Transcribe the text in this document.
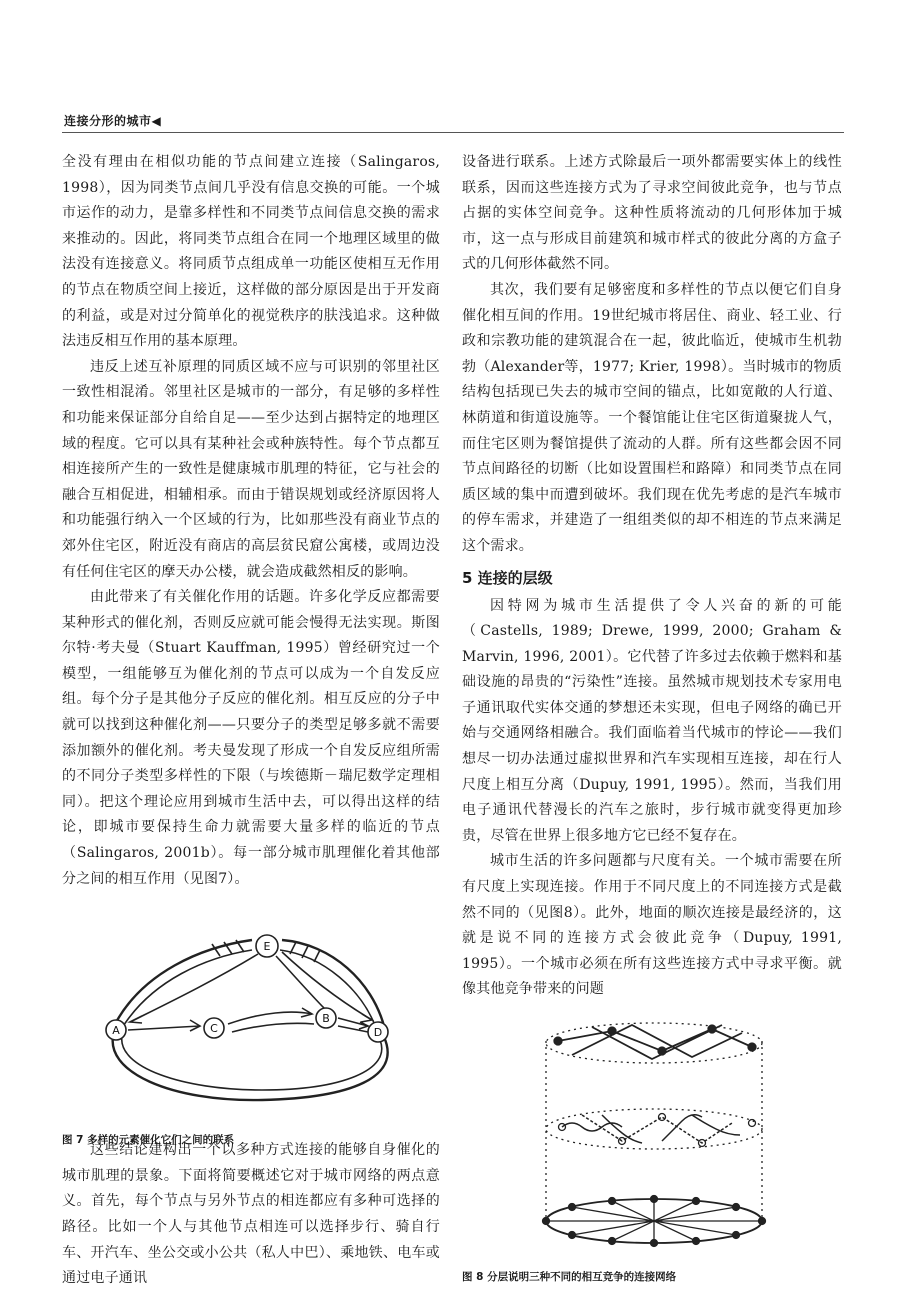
连接分形的城市◀

全没有理由在相似功能的节点间建立连接（Salingaros, 1998），因为同类节点间几乎没有信息交换的可能。一个城市运作的动力，是靠多样性和不同类节点间信息交换的需求来推动的。因此，将同类节点组合在同一个地理区域里的做法没有连接意义。将同质节点组成单一功能区使相互无作用的节点在物质空间上接近，这样做的部分原因是出于开发商的利益，或是对过分简单化的视觉秩序的肤浅追求。这种做法违反相互作用的基本原理。

违反上述互补原理的同质区域不应与可识别的邻里社区一致性相混淆。邻里社区是城市的一部分，有足够的多样性和功能来保证部分自给自足——至少达到占据特定的地理区域的程度。它可以具有某种社会或种族特性。每个节点都互相连接所产生的一致性是健康城市肌理的特征，它与社会的融合互相促进，相辅相承。而由于错误规划或经济原因将人和功能强行纳入一个区域的行为，比如那些没有商业节点的郊外住宅区，附近没有商店的高层贫民窟公寓楼，或周边没有任何住宅区的摩天办公楼，就会造成截然相反的影响。

由此带来了有关催化作用的话题。许多化学反应都需要某种形式的催化剂，否则反应就可能会慢得无法实现。斯图尔特·考夫曼（Stuart Kauffman, 1995）曾经研究过一个模型，一组能够互为催化剂的节点可以成为一个自发反应组。每个分子是其他分子反应的催化剂。相互反应的分子中就可以找到这种催化剂——只要分子的类型足够多就不需要添加额外的催化剂。考夫曼发现了形成一个自发反应组所需的不同分子类型多样性的下限（与埃德斯－瑞尼数学定理相同）。把这个理论应用到城市生活中去，可以得出这样的结论，即城市要保持生命力就需要大量多样的临近的节点（Salingaros, 2001b）。每一部分城市肌理催化着其他部分之间的相互作用（见图7）。

A	C
B
D
E
图 7 多样的元素催化它们之间的联系

这些结论建构出一个以多种方式连接的能够自身催化的城市肌理的景象。下面将简要概述它对于城市网络的两点意义。首先，每个节点与另外节点的相连都应有多种可选择的路径。比如一个人与其他节点相连可以选择步行、骑自行车、开汽车、坐公交或小公共（私人中巴）、乘地铁、电车或通过电子通讯

设备进行联系。上述方式除最后一项外都需要实体上的线性联系，因而这些连接方式为了寻求空间彼此竞争，也与节点占据的实体空间竞争。这种性质将流动的几何形体加于城市，这一点与形成目前建筑和城市样式的彼此分离的方盒子式的几何形体截然不同。

其次，我们要有足够密度和多样性的节点以便它们自身催化相互间的作用。19世纪城市将居住、商业、轻工业、行政和宗教功能的建筑混合在一起，彼此临近，使城市生机勃勃（Alexander等，1977; Krier, 1998）。当时城市的物质结构包括现已失去的城市空间的锚点，比如宽敞的人行道、林荫道和街道设施等。一个餐馆能让住宅区街道聚拢人气，而住宅区则为餐馆提供了流动的人群。所有这些都会因不同节点间路径的切断（比如设置围栏和路障）和同类节点在同质区域的集中而遭到破坏。我们现在优先考虑的是汽车城市的停车需求，并建造了一组组类似的却不相连的节点来满足这个需求。

5 连接的层级

因特网为城市生活提供了令人兴奋的新的可能（Castells, 1989; Drewe, 1999, 2000; Graham & Marvin, 1996, 2001）。它代替了许多过去依赖于燃料和基础设施的昂贵的“污染性”连接。虽然城市规划技术专家用电子通讯取代实体交通的梦想还未实现，但电子网络的确已开始与交通网络相融合。我们面临着当代城市的悖论——我们想尽一切办法通过虚拟世界和汽车实现相互连接，却在行人尺度上相互分离（Dupuy, 1991, 1995）。然而，当我们用电子通讯代替漫长的汽车之旅时，步行城市就变得更加珍贵，尽管在世界上很多地方它已经不复存在。

城市生活的许多问题都与尺度有关。一个城市需要在所有尺度上实现连接。作用于不同尺度上的不同连接方式是截然不同的（见图8）。此外，地面的顺次连接是最经济的，这就是说不同的连接方式会彼此竞争（Dupuy, 1991, 1995）。一个城市必须在所有这些连接方式中寻求平衡。就像其他竞争带来的问题

图 8 分层说明三种不同的相互竞争的连接网络
